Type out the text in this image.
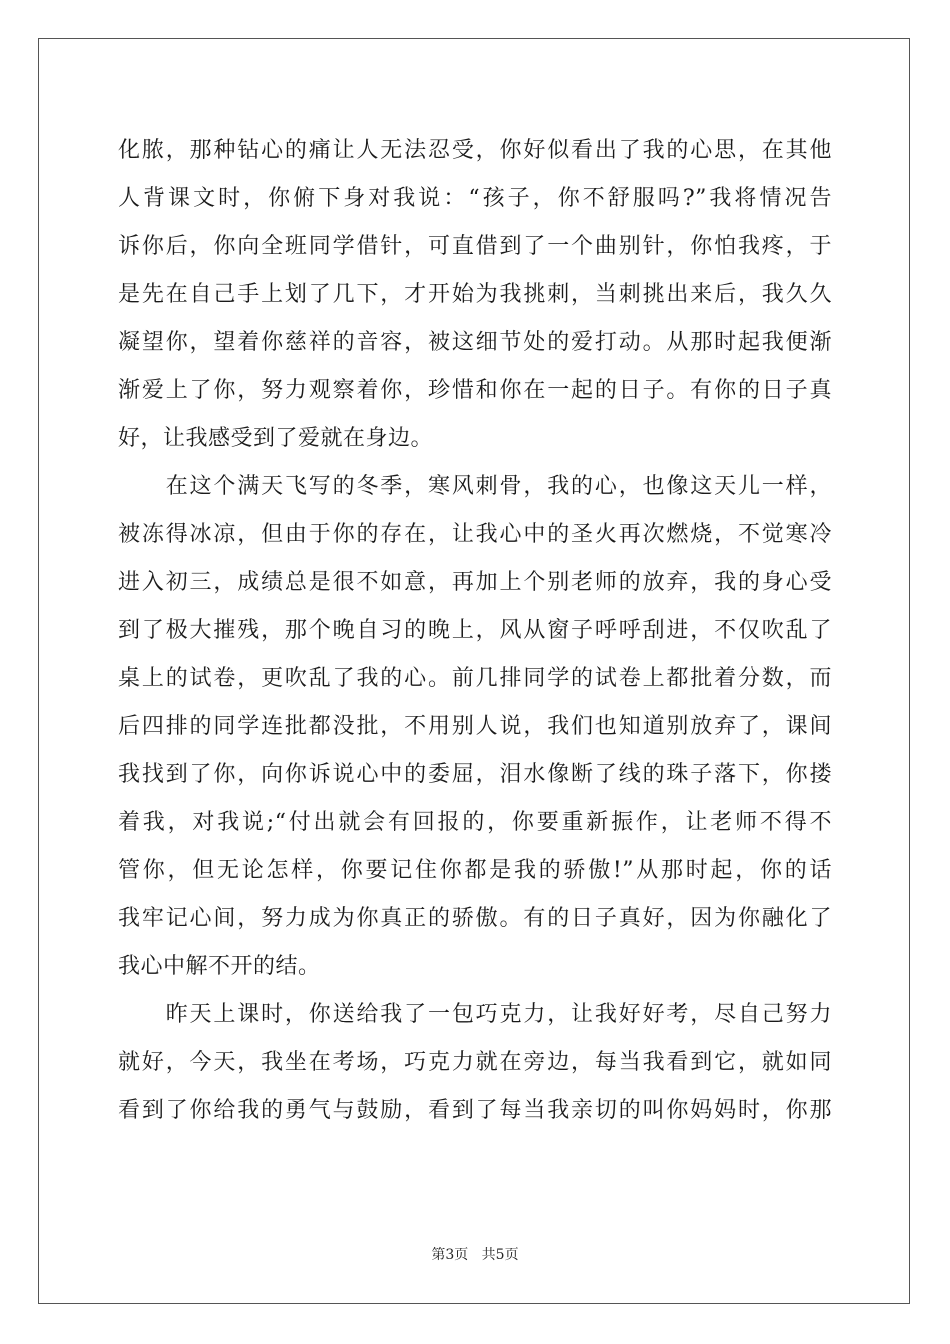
化脓，那种钻心的痛让人无法忍受，你好似看出了我的心思，在其他
人背课文时，你俯下身对我说：“孩子，你不舒服吗?”我将情况告
诉你后，你向全班同学借针，可直借到了一个曲别针，你怕我疼，于
是先在自己手上划了几下，才开始为我挑刺，当刺挑出来后，我久久
凝望你，望着你慈祥的音容，被这细节处的爱打动。从那时起我便渐
渐爱上了你，努力观察着你，珍惜和你在一起的日子。有你的日子真
好，让我感受到了爱就在身边。
　　在这个满天飞写的冬季，寒风刺骨，我的心，也像这天儿一样，
被冻得冰凉，但由于你的存在，让我心中的圣火再次燃烧，不觉寒冷
进入初三，成绩总是很不如意，再加上个别老师的放弃，我的身心受
到了极大摧残，那个晚自习的晚上，风从窗子呼呼刮进，不仅吹乱了
桌上的试卷，更吹乱了我的心。前几排同学的试卷上都批着分数，而
后四排的同学连批都没批，不用别人说，我们也知道别放弃了，课间
我找到了你，向你诉说心中的委屈，泪水像断了线的珠子落下，你搂
着我，对我说;“付出就会有回报的，你要重新振作，让老师不得不
管你，但无论怎样，你要记住你都是我的骄傲!”从那时起，你的话
我牢记心间，努力成为你真正的骄傲。有的日子真好，因为你融化了
我心中解不开的结。
　　昨天上课时，你送给我了一包巧克力，让我好好考，尽自己努力
就好，今天，我坐在考场，巧克力就在旁边，每当我看到它，就如同
看到了你给我的勇气与鼓励，看到了每当我亲切的叫你妈妈时，你那
第3页 共5页
